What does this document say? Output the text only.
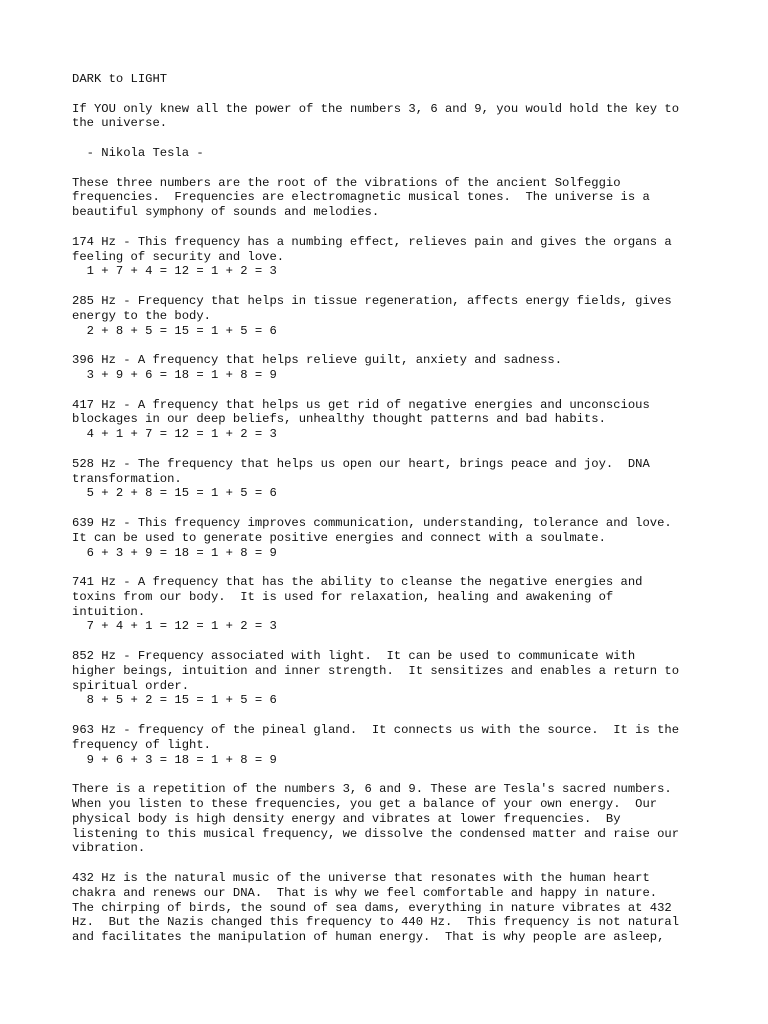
DARK to LIGHT
If YOU only knew all the power of the numbers 3, 6 and 9, you would hold the key to
the universe.
- Nikola Tesla -
These three numbers are the root of the vibrations of the ancient Solfeggio
frequencies.  Frequencies are electromagnetic musical tones.  The universe is a
beautiful symphony of sounds and melodies.
174 Hz - This frequency has a numbing effect, relieves pain and gives the organs a
feeling of security and love.
1 + 7 + 4 = 12 = 1 + 2 = 3
285 Hz - Frequency that helps in tissue regeneration, affects energy fields, gives
energy to the body.
2 + 8 + 5 = 15 = 1 + 5 = 6
396 Hz - A frequency that helps relieve guilt, anxiety and sadness.
3 + 9 + 6 = 18 = 1 + 8 = 9
417 Hz - A frequency that helps us get rid of negative energies and unconscious
blockages in our deep beliefs, unhealthy thought patterns and bad habits.
4 + 1 + 7 = 12 = 1 + 2 = 3
528 Hz - The frequency that helps us open our heart, brings peace and joy.  DNA
transformation.
5 + 2 + 8 = 15 = 1 + 5 = 6
639 Hz - This frequency improves communication, understanding, tolerance and love.
It can be used to generate positive energies and connect with a soulmate.
6 + 3 + 9 = 18 = 1 + 8 = 9
741 Hz - A frequency that has the ability to cleanse the negative energies and
toxins from our body.  It is used for relaxation, healing and awakening of
intuition.
7 + 4 + 1 = 12 = 1 + 2 = 3
852 Hz - Frequency associated with light.  It can be used to communicate with
higher beings, intuition and inner strength.  It sensitizes and enables a return to
spiritual order.
8 + 5 + 2 = 15 = 1 + 5 = 6
963 Hz - frequency of the pineal gland.  It connects us with the source.  It is the
frequency of light.
9 + 6 + 3 = 18 = 1 + 8 = 9
There is a repetition of the numbers 3, 6 and 9. These are Tesla's sacred numbers.
When you listen to these frequencies, you get a balance of your own energy.  Our
physical body is high density energy and vibrates at lower frequencies.  By
listening to this musical frequency, we dissolve the condensed matter and raise our
vibration.
432 Hz is the natural music of the universe that resonates with the human heart
chakra and renews our DNA.  That is why we feel comfortable and happy in nature.
The chirping of birds, the sound of sea dams, everything in nature vibrates at 432
Hz.  But the Nazis changed this frequency to 440 Hz.  This frequency is not natural
and facilitates the manipulation of human energy.  That is why people are asleep,
